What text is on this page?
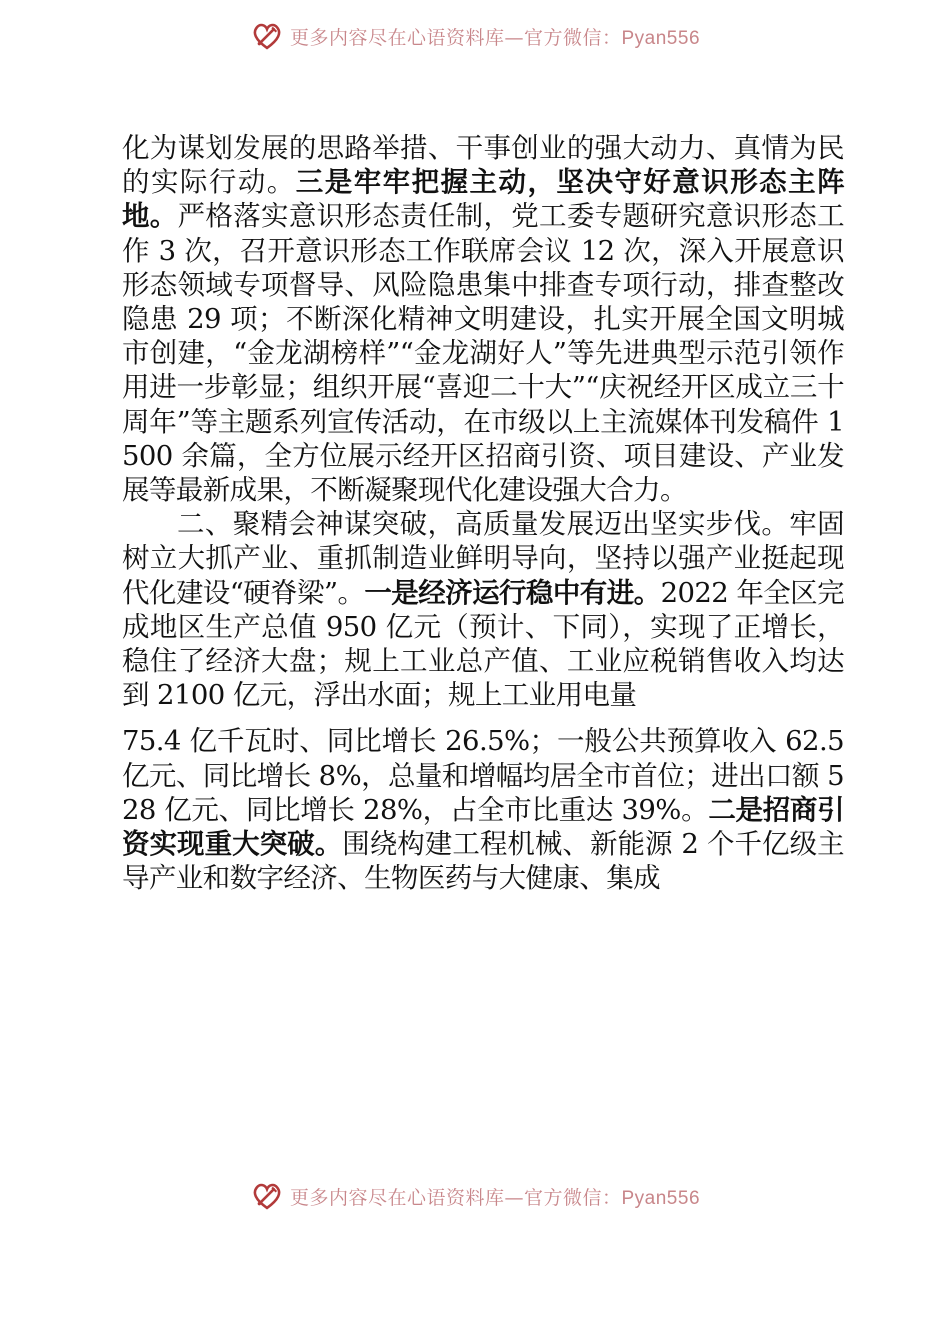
更多内容尽在心语资料库—官方微信：Pyan556

化为谋划发展的思路举措、干事创业的强大动力、真情为民的实际行动。三是牢牢把握主动，坚决守好意识形态主阵地。严格落实意识形态责任制，党工委专题研究意识形态工作 3 次，召开意识形态工作联席会议 12 次，深入开展意识形态领域专项督导、风险隐患集中排查专项行动，排查整改隐患 29 项；不断深化精神文明建设，扎实开展全国文明城市创建，“金龙湖榜样”“金龙湖好人”等先进典型示范引领作用进一步彰显；组织开展“喜迎二十大”“庆祝经开区成立三十周年”等主题系列宣传活动，在市级以上主流媒体刊发稿件 1500 余篇，全方位展示经开区招商引资、项目建设、产业发展等最新成果，不断凝聚现代化建设强大合力。

二、聚精会神谋突破，高质量发展迈出坚实步伐。牢固树立大抓产业、重抓制造业鲜明导向，坚持以强产业挺起现代化建设“硬脊梁”。一是经济运行稳中有进。2022 年全区完成地区生产总值 950 亿元（预计、下同），实现了正增长，稳住了经济大盘；规上工业总产值、工业应税销售收入均达到 2100 亿元，浮出水面；规上工业用电量

75.4 亿千瓦时、同比增长 26.5%；一般公共预算收入 62.5 亿元、同比增长 8%，总量和增幅均居全市首位；进出口额 528 亿元、同比增长 28%，占全市比重达 39%。二是招商引资实现重大突破。围绕构建工程机械、新能源 2 个千亿级主导产业和数字经济、生物医药与大健康、集成

更多内容尽在心语资料库—官方微信：Pyan556
